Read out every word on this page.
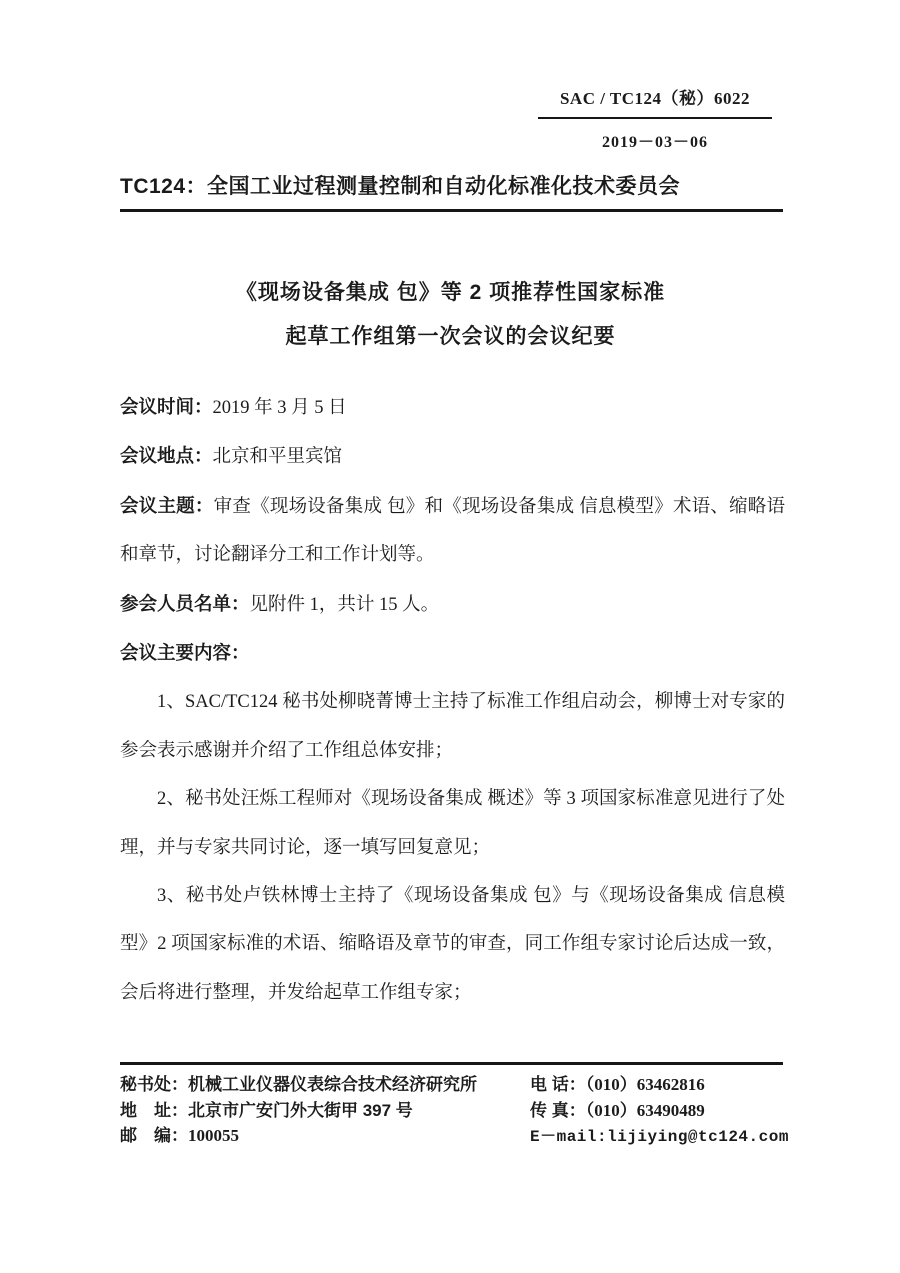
SAC / TC124（秘）6022
2019－03－06
TC124：全国工业过程测量控制和自动化标准化技术委员会
《现场设备集成 包》等 2 项推荐性国家标准
起草工作组第一次会议的会议纪要

会议时间：2019 年 3 月 5 日

会议地点：北京和平里宾馆

会议主题：审查《现场设备集成 包》和《现场设备集成 信息模型》术语、缩略语和章节，讨论翻译分工和工作计划等。

参会人员名单：见附件 1，共计 15 人。

会议主要内容：

1、SAC/TC124 秘书处柳晓菁博士主持了标准工作组启动会，柳博士对专家的参会表示感谢并介绍了工作组总体安排；

2、秘书处汪烁工程师对《现场设备集成 概述》等 3 项国家标准意见进行了处理，并与专家共同讨论，逐一填写回复意见；

3、秘书处卢铁林博士主持了《现场设备集成 包》与《现场设备集成 信息模型》2 项国家标准的术语、缩略语及章节的审查，同工作组专家讨论后达成一致，会后将进行整理，并发给起草工作组专家；

秘书处：机械工业仪器仪表综合技术经济研究所
地　址：北京市广安门外大街甲 397 号
邮　编：100055
电 话：（010）63462816
传 真：（010）63490489
E－mail:lijiying@tc124.com
